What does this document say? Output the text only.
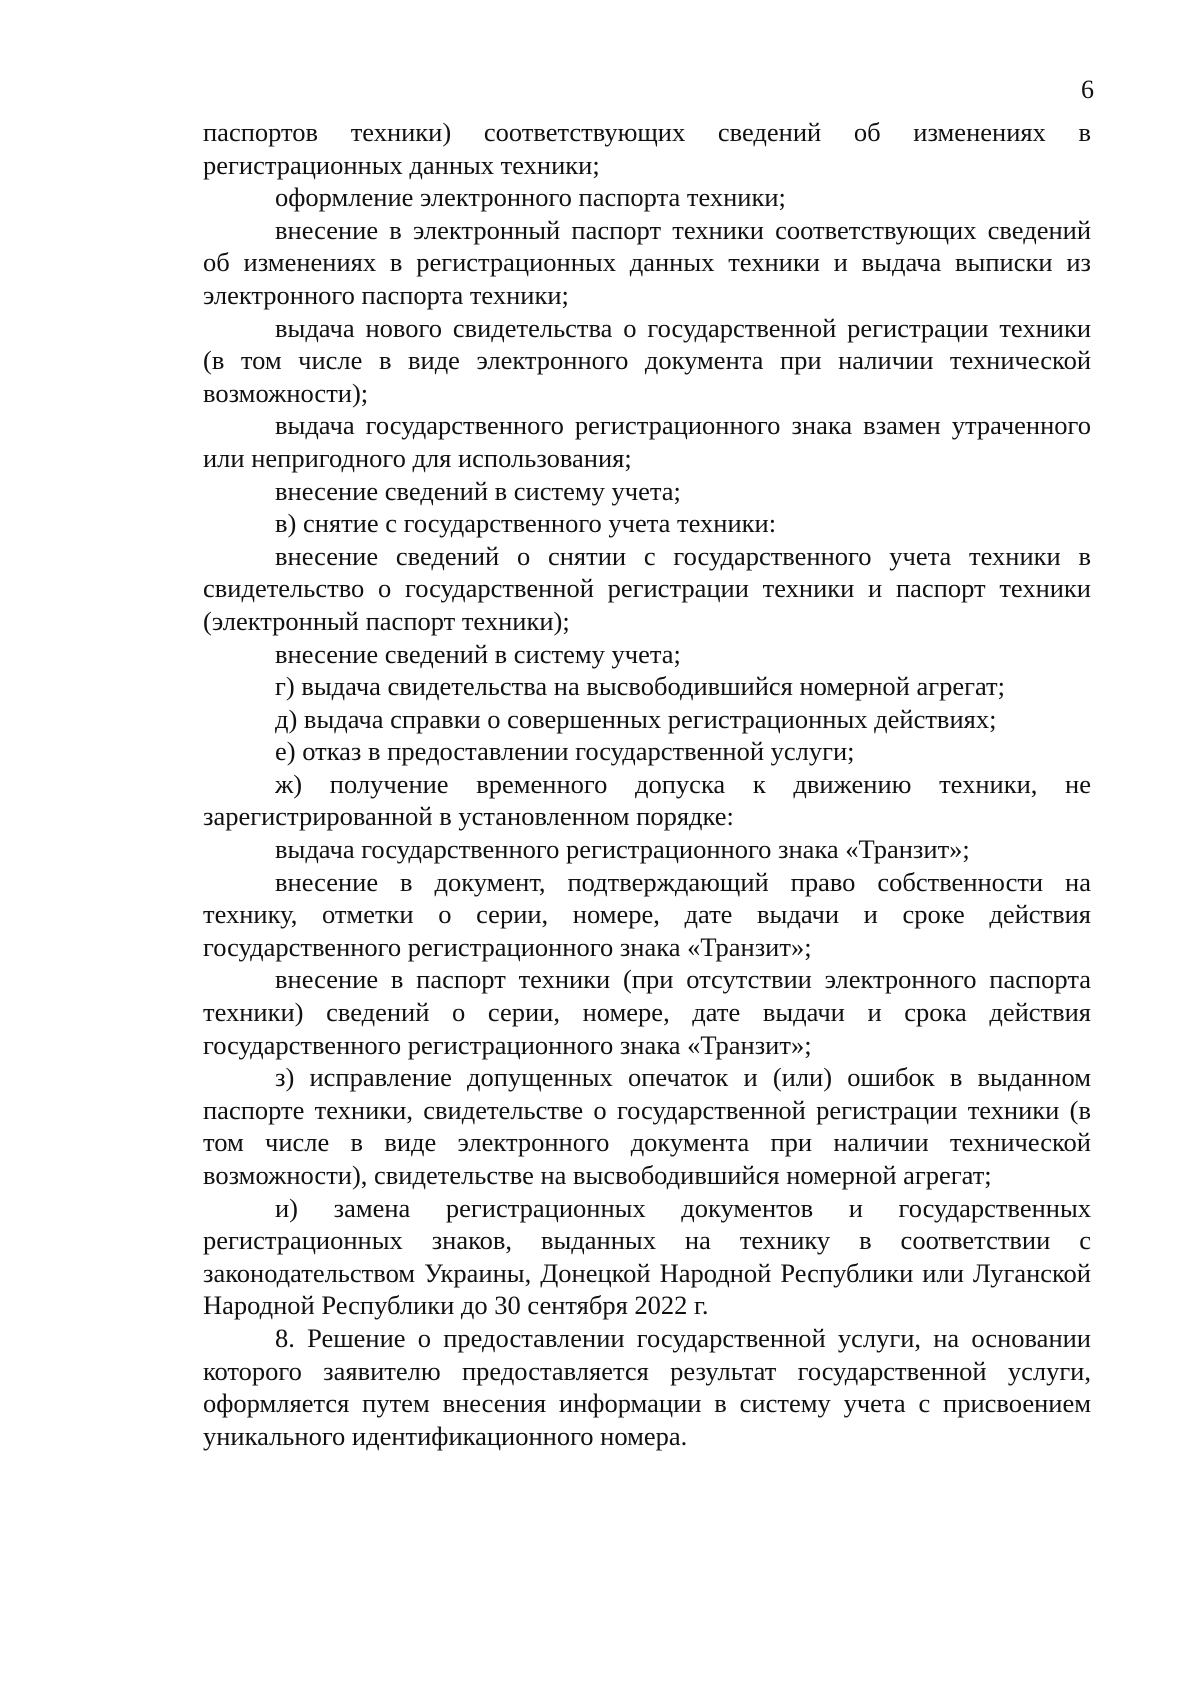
6

паспортов техники) соответствующих сведений об изменениях в регистрационных данных техники;

оформление электронного паспорта техники;

внесение в электронный паспорт техники соответствующих сведений об изменениях в регистрационных данных техники и выдача выписки из электронного паспорта техники;

выдача нового свидетельства о государственной регистрации техники (в том числе в виде электронного документа при наличии технической возможности);

выдача государственного регистрационного знака взамен утраченного или непригодного для использования;

внесение сведений в систему учета;

в) снятие с государственного учета техники:

внесение сведений о снятии с государственного учета техники в свидетельство о государственной регистрации техники и паспорт техники (электронный паспорт техники);

внесение сведений в систему учета;

г) выдача свидетельства на высвободившийся номерной агрегат;

д) выдача справки о совершенных регистрационных действиях;

е) отказ в предоставлении государственной услуги;

ж) получение временного допуска к движению техники, не зарегистрированной в установленном порядке:

выдача государственного регистрационного знака «Транзит»;

внесение в документ, подтверждающий право собственности на технику, отметки о серии, номере, дате выдачи и сроке действия государственного регистрационного знака «Транзит»;

внесение в паспорт техники (при отсутствии электронного паспорта техники) сведений о серии, номере, дате выдачи и срока действия государственного регистрационного знака «Транзит»;

з) исправление допущенных опечаток и (или) ошибок в выданном паспорте техники, свидетельстве о государственной регистрации техники (в том числе в виде электронного документа при наличии технической возможности), свидетельстве на высвободившийся номерной агрегат;

и) замена регистрационных документов и государственных регистрационных знаков, выданных на технику в соответствии с законодательством Украины, Донецкой Народной Республики или Луганской Народной Республики до 30 сентября 2022 г.

8. Решение о предоставлении государственной услуги, на основании которого заявителю предоставляется результат государственной услуги, оформляется путем внесения информации в систему учета с присвоением уникального идентификационного номера.
